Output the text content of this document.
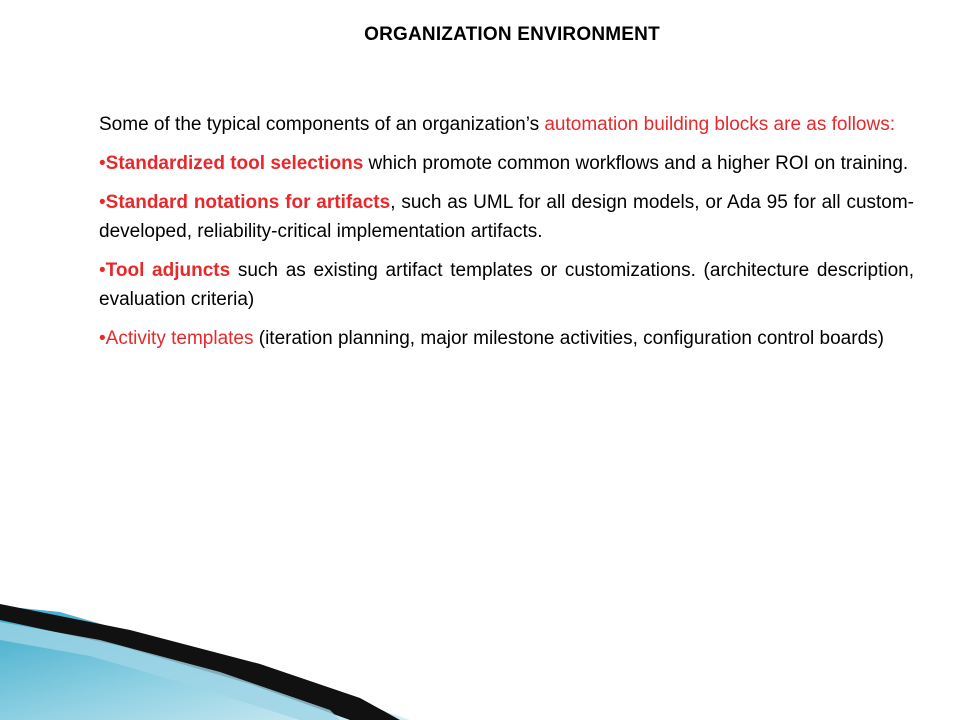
ORGANIZATION ENVIRONMENT

Some of the typical components of an organization’s automation building blocks are as follows:

•Standardized tool selections which promote common workflows and a higher ROI on training.

•Standard notations for artifacts, such as UML for all design models, or Ada 95 for all custom-developed, reliability-critical implementation artifacts.

•Tool adjuncts such as existing artifact templates or customizations. (architecture description, evaluation criteria)

•Activity templates (iteration planning, major milestone activities, configuration control boards)
